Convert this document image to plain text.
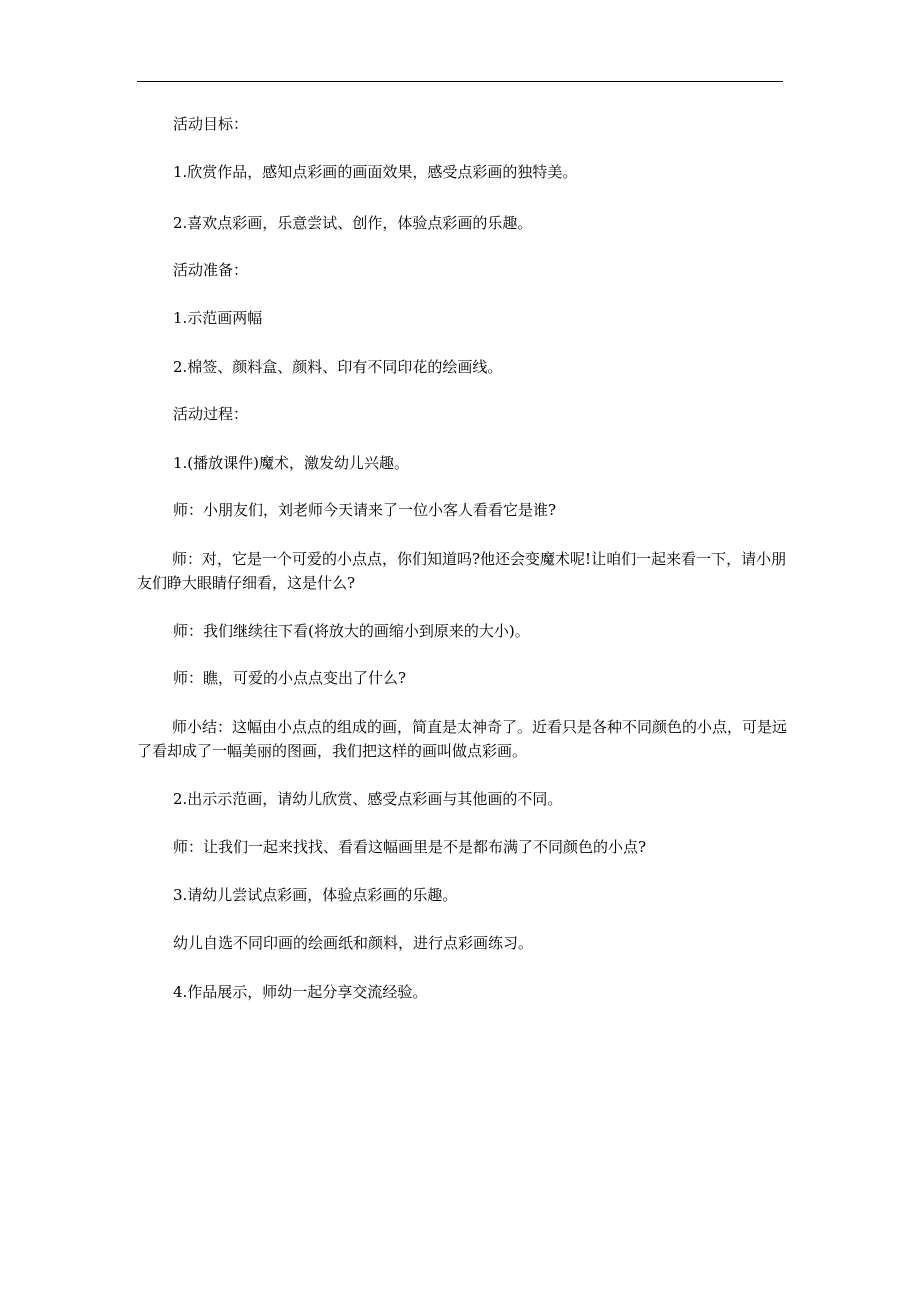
活动目标：
1.欣赏作品，感知点彩画的画面效果，感受点彩画的独特美。
2.喜欢点彩画，乐意尝试、创作，体验点彩画的乐趣。
活动准备：
1.示范画两幅
2.棉签、颜料盒、颜料、印有不同印花的绘画线。
活动过程：
1.(播放课件)魔术，激发幼儿兴趣。
师：小朋友们，刘老师今天请来了一位小客人看看它是谁?
师：对，它是一个可爱的小点点，你们知道吗?他还会变魔术呢!让咱们一起来看一下，请小朋友们睁大眼睛仔细看，这是什么?
师：我们继续往下看(将放大的画缩小到原来的大小)。
师：瞧，可爱的小点点变出了什么?
师小结：这幅由小点点的组成的画，简直是太神奇了。近看只是各种不同颜色的小点，可是远了看却成了一幅美丽的图画，我们把这样的画叫做点彩画。
2.出示示范画，请幼儿欣赏、感受点彩画与其他画的不同。
师：让我们一起来找找、看看这幅画里是不是都布满了不同颜色的小点?
3.请幼儿尝试点彩画，体验点彩画的乐趣。
幼儿自选不同印画的绘画纸和颜料，进行点彩画练习。
4.作品展示，师幼一起分享交流经验。
